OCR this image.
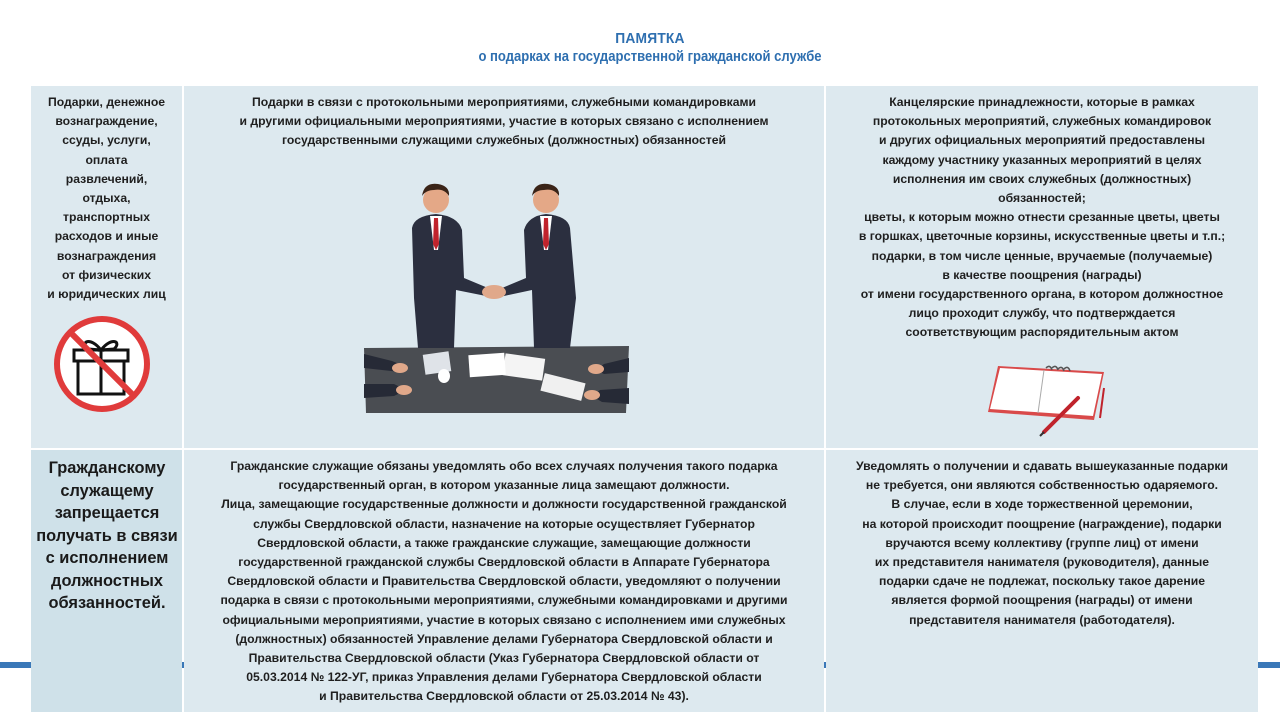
ПАМЯТКА
о подарках на государственной гражданской службе
Подарки, денежное
вознаграждение,
ссуды, услуги,
оплата
развлечений,
отдыха,
транспортных
расходов и иные
вознаграждения
от физических
и юридических лиц
Подарки в связи с протокольными мероприятиями, служебными командировками
и другими официальными мероприятиями, участие в которых связано с исполнением
государственными служащими служебных (должностных) обязанностей
Канцелярские принадлежности, которые в рамках
протокольных мероприятий, служебных командировок
и других официальных мероприятий предоставлены
каждому участнику указанных мероприятий в целях
исполнения им своих служебных (должностных)
обязанностей;
цветы, к которым можно отнести срезанные цветы, цветы
в горшках, цветочные корзины, искусственные цветы и т.п.;
подарки, в том числе ценные, вручаемые (получаемые)
в качестве поощрения (награды)
от имени государственного органа, в котором должностное
лицо проходит службу, что подтверждается
соответствующим распорядительным актом
Гражданскому
служащему
запрещается
получать в связи
с исполнением
должностных
обязанностей.
Гражданские служащие обязаны уведомлять обо всех случаях получения такого подарка
государственный орган, в котором указанные лица замещают должности.
Лица, замещающие государственные должности и должности государственной гражданской
службы Свердловской области, назначение на которые осуществляет Губернатор
Свердловской области, а также гражданские служащие, замещающие должности
государственной гражданской службы Свердловской области в Аппарате Губернатора
Свердловской области и Правительства Свердловской области, уведомляют о получении
подарка в связи с протокольными мероприятиями, служебными командировками и другими
официальными мероприятиями, участие в которых связано с исполнением ими служебных
(должностных) обязанностей Управление делами Губернатора Свердловской области и
Правительства Свердловской области (Указ Губернатора Свердловской области от
05.03.2014 № 122-УГ, приказ Управления делами Губернатора Свердловской области
и Правительства Свердловской области от 25.03.2014 № 43).
Уведомлять о получении и сдавать вышеуказанные подарки
не требуется, они являются собственностью одаряемого.
В случае, если в ходе торжественной церемонии,
на которой происходит поощрение (награждение), подарки
вручаются всему коллективу (группе лиц) от имени
их представителя нанимателя (руководителя), данные
подарки сдаче не подлежат, поскольку такое дарение
является формой поощрения (награды) от имени
представителя нанимателя (работодателя).
